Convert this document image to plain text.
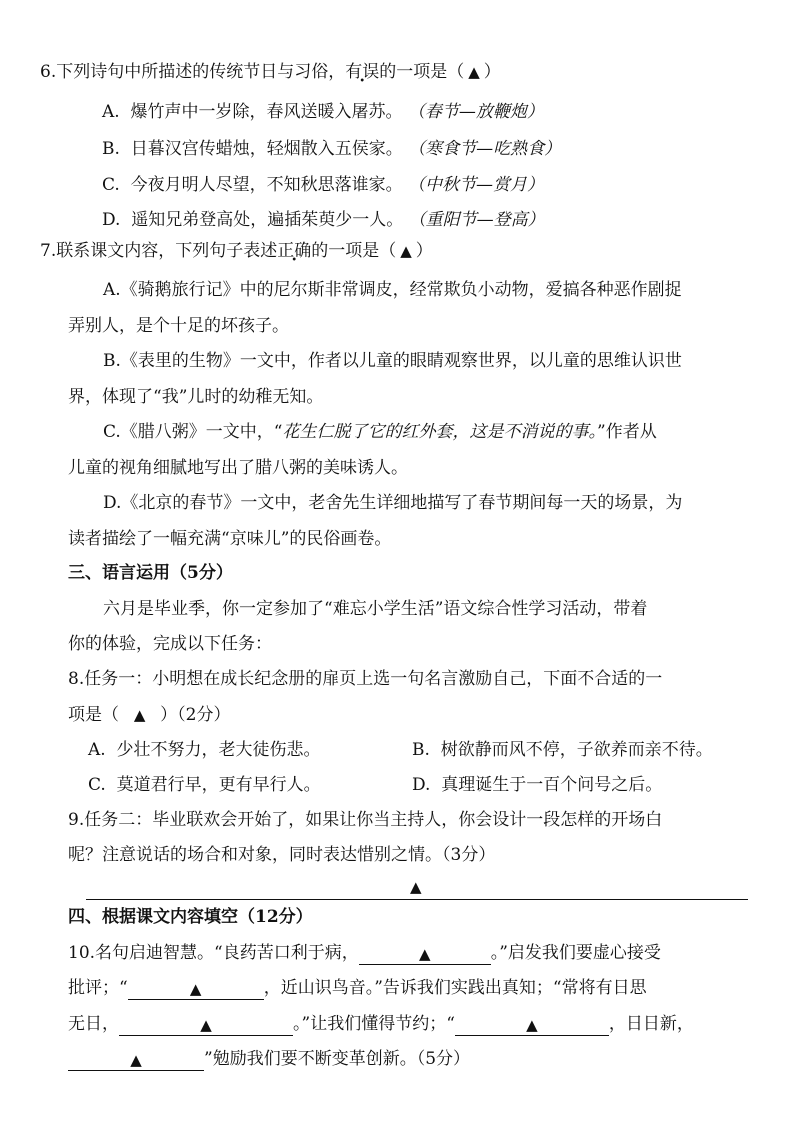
6.下列诗句中所描述的传统节日与习俗，有误的一项是（ ▲ ）
A. 爆竹声中一岁除，春风送暖入屠苏。 （春节—放鞭炮）
B. 日暮汉宫传蜡烛，轻烟散入五侯家。 （寒食节—吃熟食）
C. 今夜月明人尽望，不知秋思落谁家。 （中秋节—赏月）
D. 遥知兄弟登高处，遍插茱萸少一人。 （重阳节—登高）
7.联系课文内容，下列句子表述正确的一项是（ ▲ ）
A.《骑鹅旅行记》中的尼尔斯非常调皮，经常欺负小动物，爱搞各种恶作剧捉
弄别人，是个十足的坏孩子。
B.《表里的生物》一文中，作者以儿童的眼睛观察世界，以儿童的思维认识世
界，体现了“我”儿时的幼稚无知。
C.《腊八粥》一文中，“花生仁脱了它的红外套，这是不消说的事。”作者从
儿童的视角细腻地写出了腊八粥的美味诱人。
D.《北京的春节》一文中，老舍先生详细地描写了春节期间每一天的场景，为
读者描绘了一幅充满“京味儿”的民俗画卷。
三、语言运用（5分）
六月是毕业季，你一定参加了“难忘小学生活”语文综合性学习活动，带着
你的体验，完成以下任务：
8.任务一：小明想在成长纪念册的扉页上选一句名言激励自己，下面不合适的一
项是（ ▲ ）（2分）
A. 少壮不努力，老大徒伤悲。	B. 树欲静而风不停，子欲养而亲不待。
C. 莫道君行早，更有早行人。	D. 真理诞生于一百个问号之后。
9.任务二：毕业联欢会开始了，如果让你当主持人，你会设计一段怎样的开场白
呢？注意说话的场合和对象，同时表达惜别之情。（3分）
▲
四、根据课文内容填空（12分）
10.名句启迪智慧。“良药苦口利于病，	▲	。”启发我们要虚心接受
批评；“	▲	，近山识鸟音。”告诉我们实践出真知；“常将有日思
无日，	▲	。”让我们懂得节约；“	▲	，日日新，
▲	”勉励我们要不断变革创新。（5分）
